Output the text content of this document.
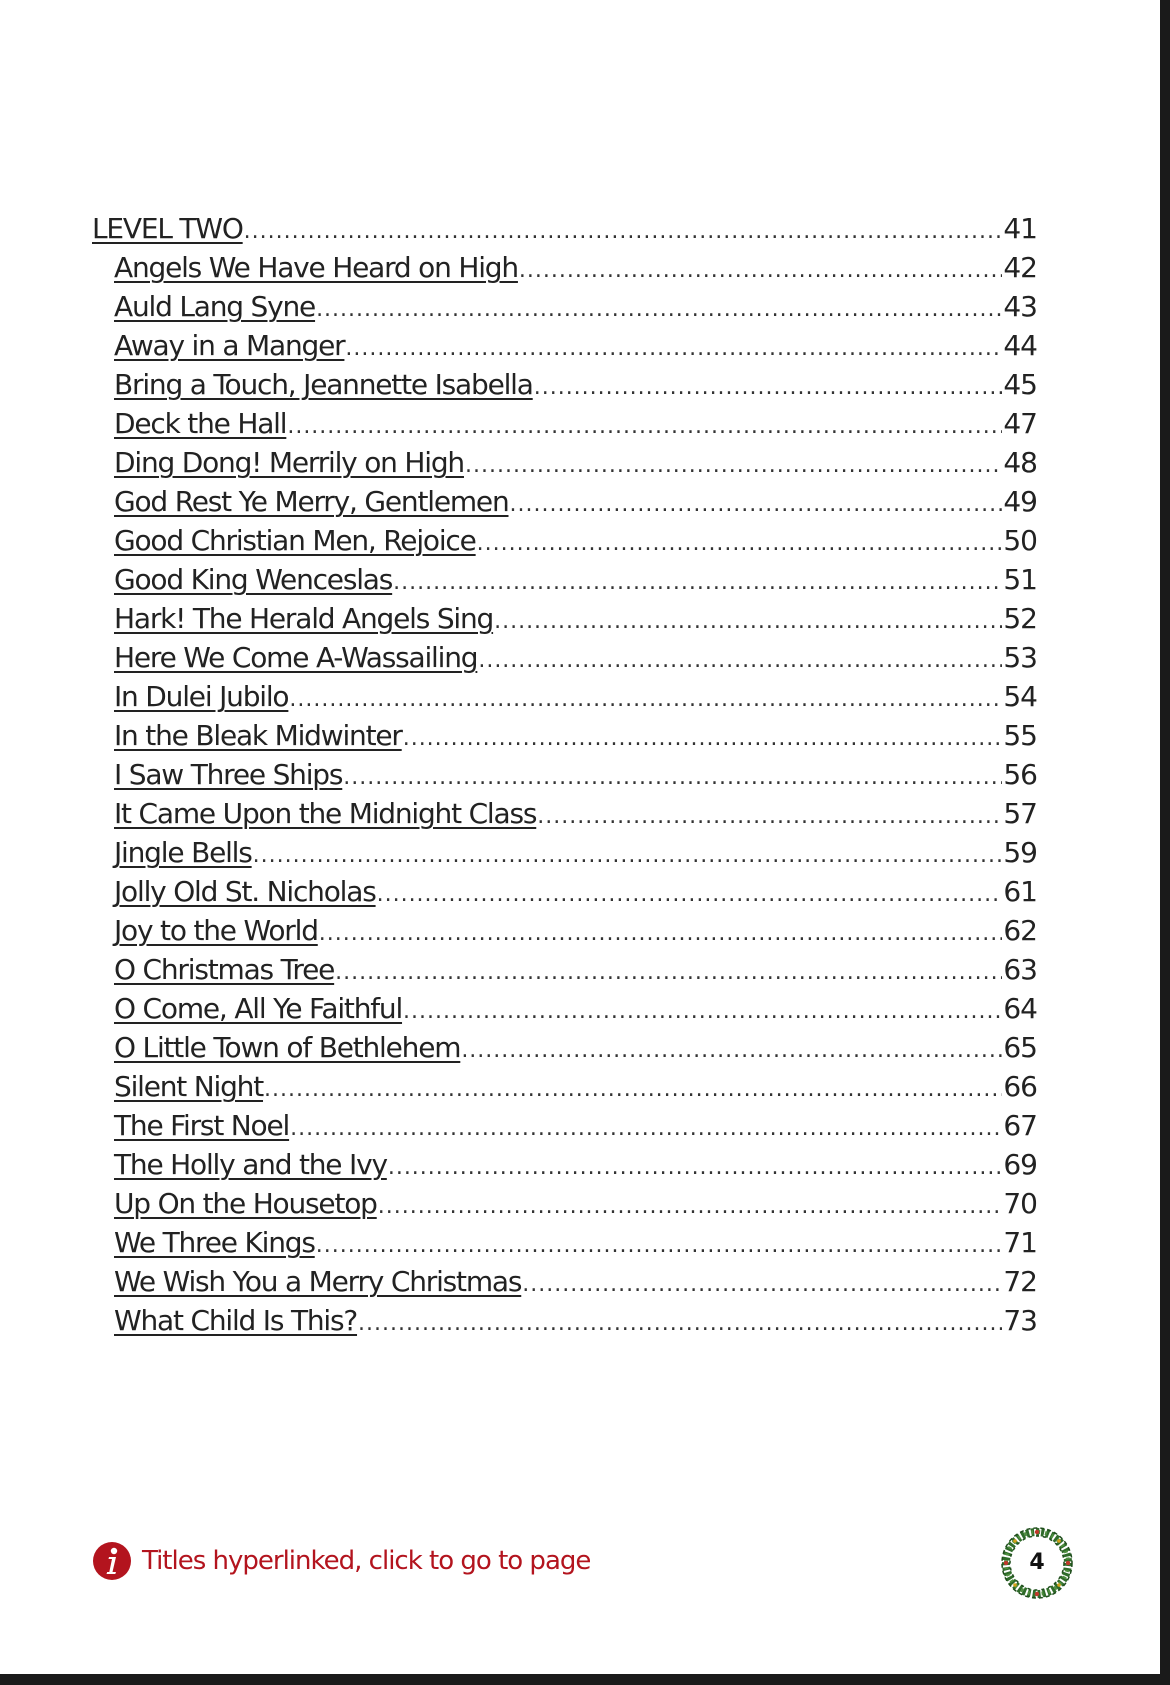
LEVEL TWO .....	41
Angels We Have Heard on High .....	42
Auld Lang Syne .....	43
Away in a Manger .....	44
Bring a Touch, Jeannette Isabella .....	45
Deck the Hall .....	47
Ding Dong! Merrily on High .....	48
God Rest Ye Merry, Gentlemen .....	49
Good Christian Men, Rejoice .....	50
Good King Wenceslas .....	51
Hark! The Herald Angels Sing .....	52
Here We Come A-Wassailing .....	53
In Dulei Jubilo .....	54
In the Bleak Midwinter .....	55
I Saw Three Ships .....	56
It Came Upon the Midnight Class .....	57
Jingle Bells .....	59
Jolly Old St. Nicholas .....	61
Joy to the World .....	62
O Christmas Tree .....	63
O Come, All Ye Faithful .....	64
O Little Town of Bethlehem .....	65
Silent Night .....	66
The First Noel .....	67
The Holly and the Ivy .....	69
Up On the Housetop .....	70
We Three Kings .....	71
We Wish You a Merry Christmas .....	72
What Child Is This? .....	73
Titles hyperlinked, click to go to page	4
